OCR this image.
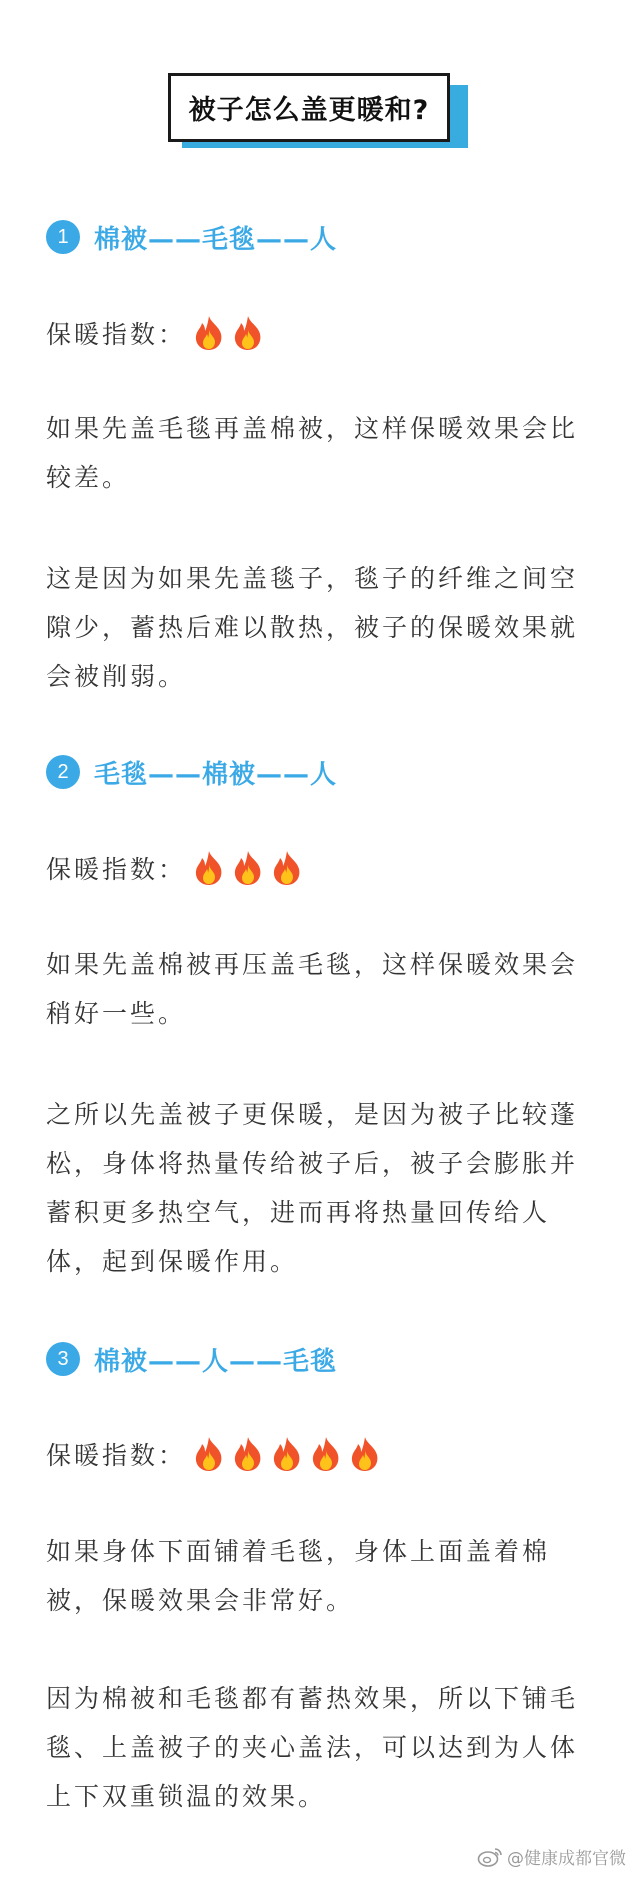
被子怎么盖更暖和?
1 棉被——毛毯——人
保暖指数：

如果先盖毛毯再盖棉被，这样保暖效果会比较差。

这是因为如果先盖毯子，毯子的纤维之间空隙少，蓄热后难以散热，被子的保暖效果就会被削弱。

2 毛毯——棉被——人
保暖指数：

如果先盖棉被再压盖毛毯，这样保暖效果会稍好一些。

之所以先盖被子更保暖，是因为被子比较蓬松，身体将热量传给被子后，被子会膨胀并蓄积更多热空气，进而再将热量回传给人体，起到保暖作用。

3 棉被——人——毛毯
保暖指数：

如果身体下面铺着毛毯，身体上面盖着棉被，保暖效果会非常好。

因为棉被和毛毯都有蓄热效果，所以下铺毛毯、上盖被子的夹心盖法，可以达到为人体上下双重锁温的效果。

@健康成都官微
